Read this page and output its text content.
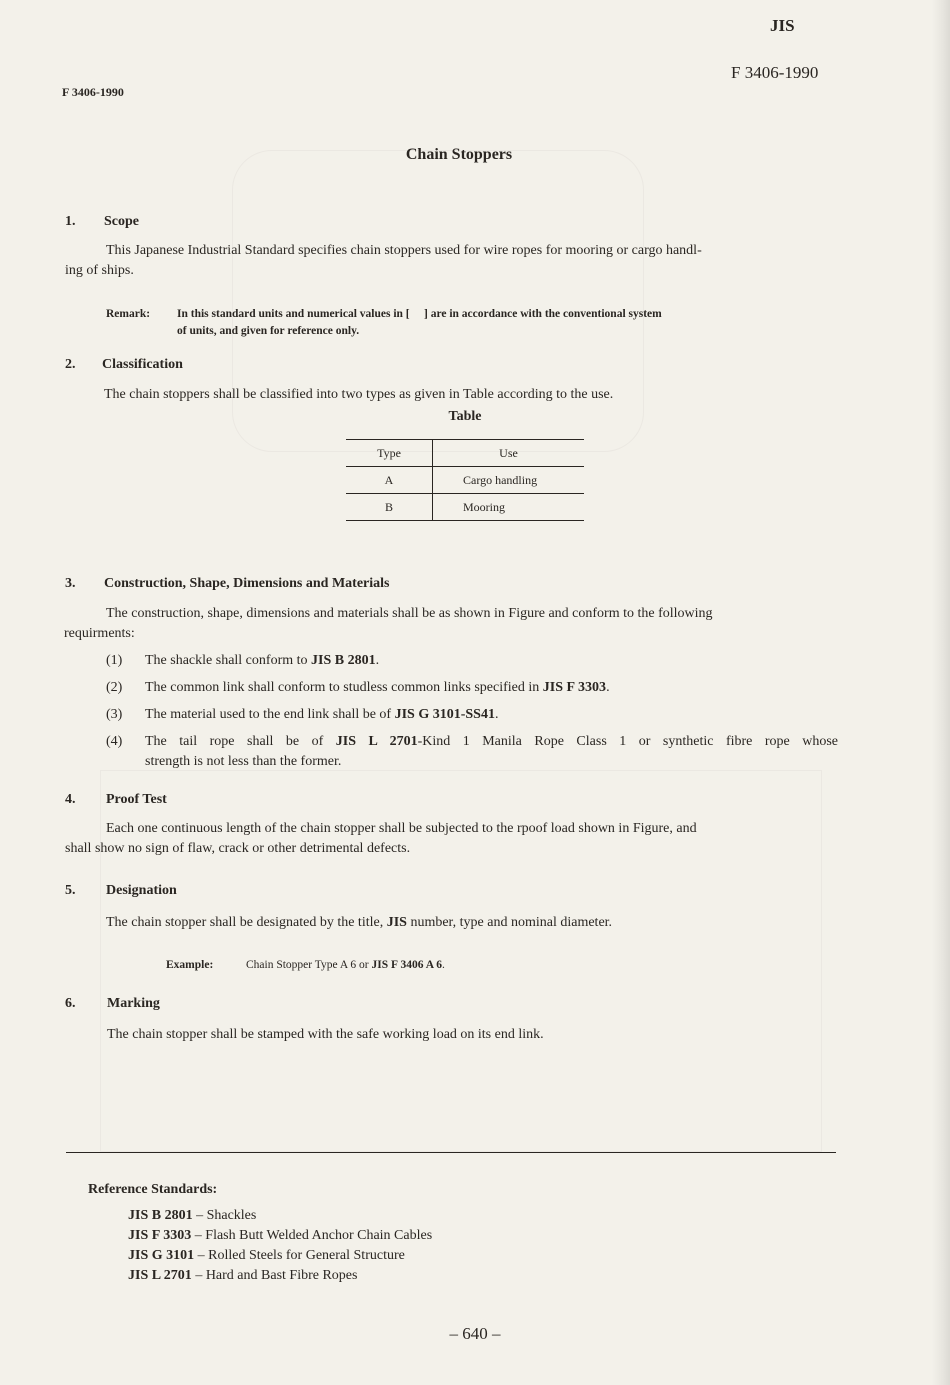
JIS
F 3406-1990
F 3406-1990
Chain Stoppers
1. Scope
This Japanese Industrial Standard specifies chain stoppers used for wire ropes for mooring or cargo handl-
ing of ships.
Remark: In this standard units and numerical values in [     ] are in accordance with the conventional system
of units, and given for reference only.
2. Classification
The chain stoppers shall be classified into two types as given in Table according to the use.
Table
Type	Use
A	Cargo handling
B	Mooring
3. Construction, Shape, Dimensions and Materials
The construction, shape, dimensions and materials shall be as shown in Figure and conform to the following
requirments:
(1) The shackle shall conform to JIS B 2801.
(2) The common link shall conform to studless common links specified in JIS F 3303.
(3) The material used to the end link shall be of JIS G 3101-SS41.
(4) The tail rope shall be of JIS L 2701-Kind 1 Manila Rope Class 1 or synthetic fibre rope whose
strength is not less than the former.
4. Proof Test
Each one continuous length of the chain stopper shall be subjected to the rpoof load shown in Figure, and
shall show no sign of flaw, crack or other detrimental defects.
5. Designation
The chain stopper shall be designated by the title, JIS number, type and nominal diameter.
Example:	Chain Stopper Type A 6 or JIS F 3406 A 6.
6. Marking
The chain stopper shall be stamped with the safe working load on its end link.
Reference Standards:
JIS B 2801 – Shackles
JIS F 3303 – Flash Butt Welded Anchor Chain Cables
JIS G 3101 – Rolled Steels for General Structure
JIS L 2701 – Hard and Bast Fibre Ropes
– 640 –
